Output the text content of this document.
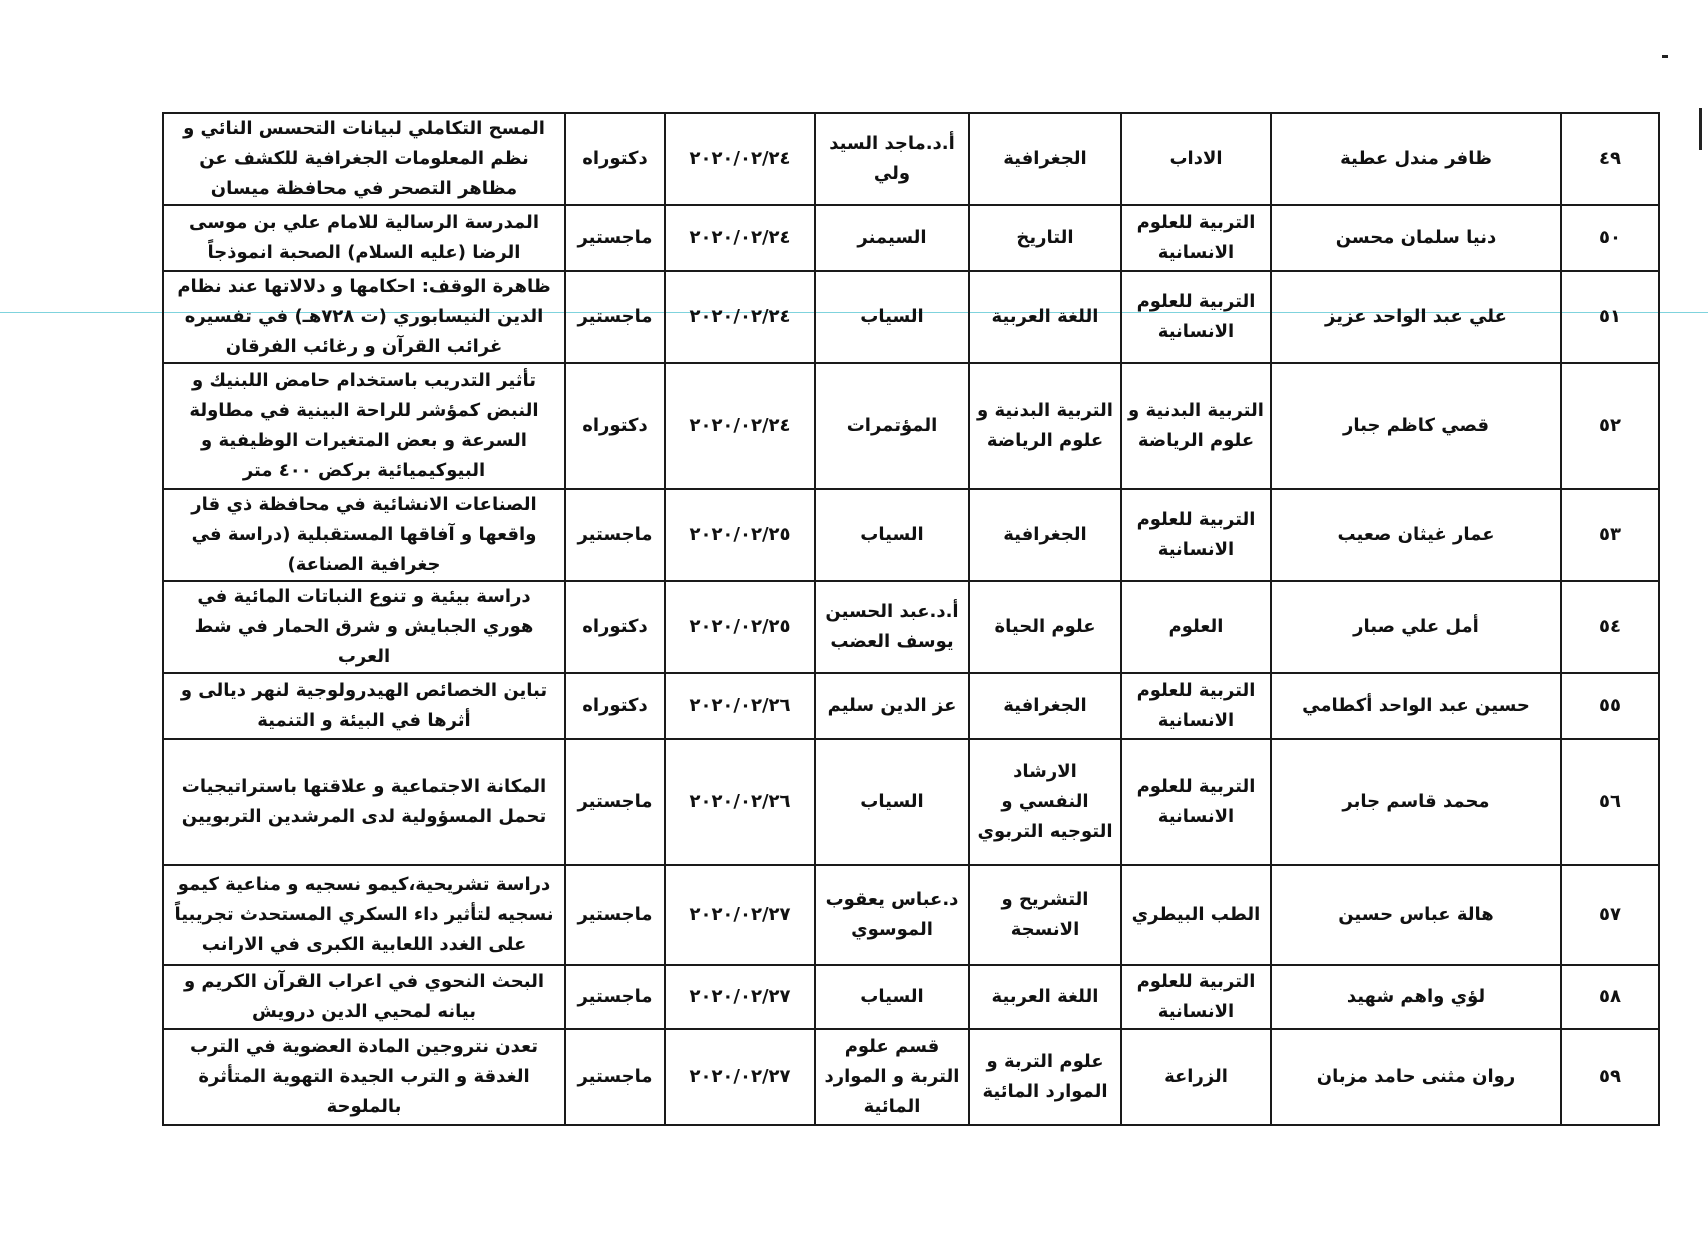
٤٩	ظافر مندل عطية	الاداب	الجغرافية	أ.د.ماجد السيد ولي	٢٠٢٠/٠٢/٢٤	دكتوراه	المسح التكاملي لبيانات التحسس النائي و نظم المعلومات الجغرافية للكشف عن مظاهر التصحر في محافظة ميسان
٥٠	دنيا سلمان محسن	التربية للعلوم الانسانية	التاريخ	السيمنر	٢٠٢٠/٠٢/٢٤	ماجستير	المدرسة الرسالية للامام علي بن موسى الرضا (عليه السلام) الصحبة انموذجاً
٥١	علي عبد الواحد عزيز	التربية للعلوم الانسانية	اللغة العربية	السياب	٢٠٢٠/٠٢/٢٤	ماجستير	ظاهرة الوقف: احكامها و دلالاتها عند نظام الدين النيسابوري (ت ٧٢٨هـ) في تفسيره غرائب القرآن و رغائب الفرقان
٥٢	قصي كاظم جبار	التربية البدنية و علوم الرياضة	التربية البدنية و علوم الرياضة	المؤتمرات	٢٠٢٠/٠٢/٢٤	دكتوراه	تأثير التدريب باستخدام حامض اللبنيك و النبض كمؤشر للراحة البينية في مطاولة السرعة و بعض المتغيرات الوظيفية و البيوكيميائية بركض ٤٠٠ متر
٥٣	عمار غيثان صعيب	التربية للعلوم الانسانية	الجغرافية	السياب	٢٠٢٠/٠٢/٢٥	ماجستير	الصناعات الانشائية في محافظة ذي قار واقعها و آفاقها المستقبلية (دراسة في جغرافية الصناعة)
٥٤	أمل علي صبار	العلوم	علوم الحياة	أ.د.عبد الحسين يوسف العضب	٢٠٢٠/٠٢/٢٥	دكتوراه	دراسة بيئية و تنوع النباتات المائية في هوري الجبايش و شرق الحمار في شط العرب
٥٥	حسين عبد الواحد أكطامي	التربية للعلوم الانسانية	الجغرافية	عز الدين سليم	٢٠٢٠/٠٢/٢٦	دكتوراه	تباين الخصائص الهيدرولوجية لنهر ديالى و أثرها في البيئة و التنمية
٥٦	محمد قاسم جابر	التربية للعلوم الانسانية	الارشاد النفسي و التوجيه التربوي	السياب	٢٠٢٠/٠٢/٢٦	ماجستير	المكانة الاجتماعية و علاقتها باستراتيجيات تحمل المسؤولية لدى المرشدين التربويين
٥٧	هالة عباس حسين	الطب البيطري	التشريح و الانسجة	د.عباس يعقوب الموسوي	٢٠٢٠/٠٢/٢٧	ماجستير	دراسة تشريحية،كيمو نسجيه و مناعية كيمو نسجيه لتأثير داء السكري المستحدث تجريبياً على الغدد اللعابية الكبرى في الارانب
٥٨	لؤي واهم شهيد	التربية للعلوم الانسانية	اللغة العربية	السياب	٢٠٢٠/٠٢/٢٧	ماجستير	البحث النحوي في اعراب القرآن الكريم و بيانه لمحيي الدين درويش
٥٩	روان مثنى حامد مزبان	الزراعة	علوم التربة و الموارد المائية	قسم علوم التربة و الموارد المائية	٢٠٢٠/٠٢/٢٧	ماجستير	تعدن نتروجين المادة العضوية في الترب الغدقة و الترب الجيدة التهوية المتأثرة بالملوحة
